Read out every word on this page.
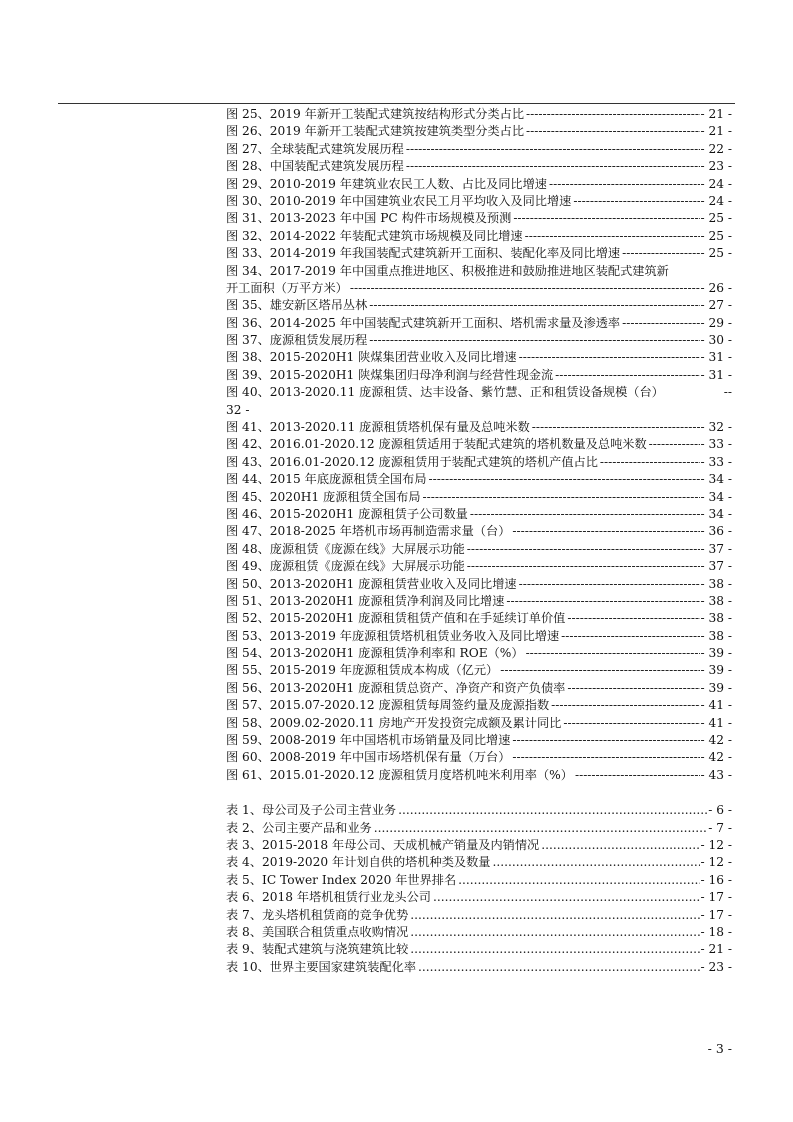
图 25、2019 年新开工装配式建筑按结构形式分类占比 -----	- 21 -
图 26、2019 年新开工装配式建筑按建筑类型分类占比 -----	- 21 -
图 27、全球装配式建筑发展历程 -----	- 22 -
图 28、中国装配式建筑发展历程 -----	- 23 -
图 29、2010-2019 年建筑业农民工人数、占比及同比增速 -----	- 24 -
图 30、2010-2019 年中国建筑业农民工月平均收入及同比增速 -----	- 24 -
图 31、2013-2023 年中国 PC 构件市场规模及预测 -----	- 25 -
图 32、2014-2022 年装配式建筑市场规模及同比增速 -----	- 25 -
图 33、2014-2019 年我国装配式建筑新开工面积、装配化率及同比增速 -----	- 25 -
图 34、2017-2019 年中国重点推进地区、积极推进和鼓励推进地区装配式建筑新
开工面积（万平方米） -----	- 26 -
图 35、雄安新区塔吊丛林 -----	- 27 -
图 36、2014-2025 年中国装配式建筑新开工面积、塔机需求量及渗透率 -----	- 29 -
图 37、庞源租赁发展历程 -----	- 30 -
图 38、2015-2020H1 陕煤集团营业收入及同比增速 -----	- 31 -
图 39、2015-2020H1 陕煤集团归母净利润与经营性现金流 -----	- 31 -
图 40、2013-2020.11 庞源租赁、达丰设备、紫竹慧、正和租赁设备规模（台）	--
32 -
图 41、2013-2020.11 庞源租赁塔机保有量及总吨米数 -----	- 32 -
图 42、2016.01-2020.12 庞源租赁适用于装配式建筑的塔机数量及总吨米数 -----	- 33 -
图 43、2016.01-2020.12 庞源租赁用于装配式建筑的塔机产值占比 -----	- 33 -
图 44、2015 年底庞源租赁全国布局 -----	- 34 -
图 45、2020H1 庞源租赁全国布局 -----	- 34 -
图 46、2015-2020H1 庞源租赁子公司数量 -----	- 34 -
图 47、2018-2025 年塔机市场再制造需求量（台） -----	- 36 -
图 48、庞源租赁《庞源在线》大屏展示功能 -----	- 37 -
图 49、庞源租赁《庞源在线》大屏展示功能 -----	- 37 -
图 50、2013-2020H1 庞源租赁营业收入及同比增速 -----	- 38 -
图 51、2013-2020H1 庞源租赁净利润及同比增速 -----	- 38 -
图 52、2015-2020H1 庞源租赁租赁产值和在手延续订单价值 -----	- 38 -
图 53、2013-2019 年庞源租赁塔机租赁业务收入及同比增速 -----	- 38 -
图 54、2013-2020H1 庞源租赁净利率和 ROE（%） -----	- 39 -
图 55、2015-2019 年庞源租赁成本构成（亿元） -----	- 39 -
图 56、2013-2020H1 庞源租赁总资产、净资产和资产负债率 -----	- 39 -
图 57、2015.07-2020.12 庞源租赁每周签约量及庞源指数 -----	- 41 -
图 58、2009.02-2020.11 房地产开发投资完成额及累计同比 -----	- 41 -
图 59、2008-2019 年中国塔机市场销量及同比增速 -----	- 42 -
图 60、2008-2019 年中国市场塔机保有量（万台） -----	- 42 -
图 61、2015.01-2020.12 庞源租赁月度塔机吨米利用率（%） -----	- 43 -
表 1、母公司及子公司主营业务 .....	- 6 -
表 2、公司主要产品和业务 .....	- 7 -
表 3、2015-2018 年母公司、天成机械产销量及内销情况 .....	- 12 -
表 4、2019-2020 年计划自供的塔机种类及数量 .....	- 12 -
表 5、IC Tower Index 2020 年世界排名 .....	- 16 -
表 6、2018 年塔机租赁行业龙头公司 .....	- 17 -
表 7、龙头塔机租赁商的竞争优势 .....	- 17 -
表 8、美国联合租赁重点收购情况 .....	- 18 -
表 9、装配式建筑与浇筑建筑比较 .....	- 21 -
表 10、世界主要国家建筑装配化率 .....	- 23 -
- 3 -
